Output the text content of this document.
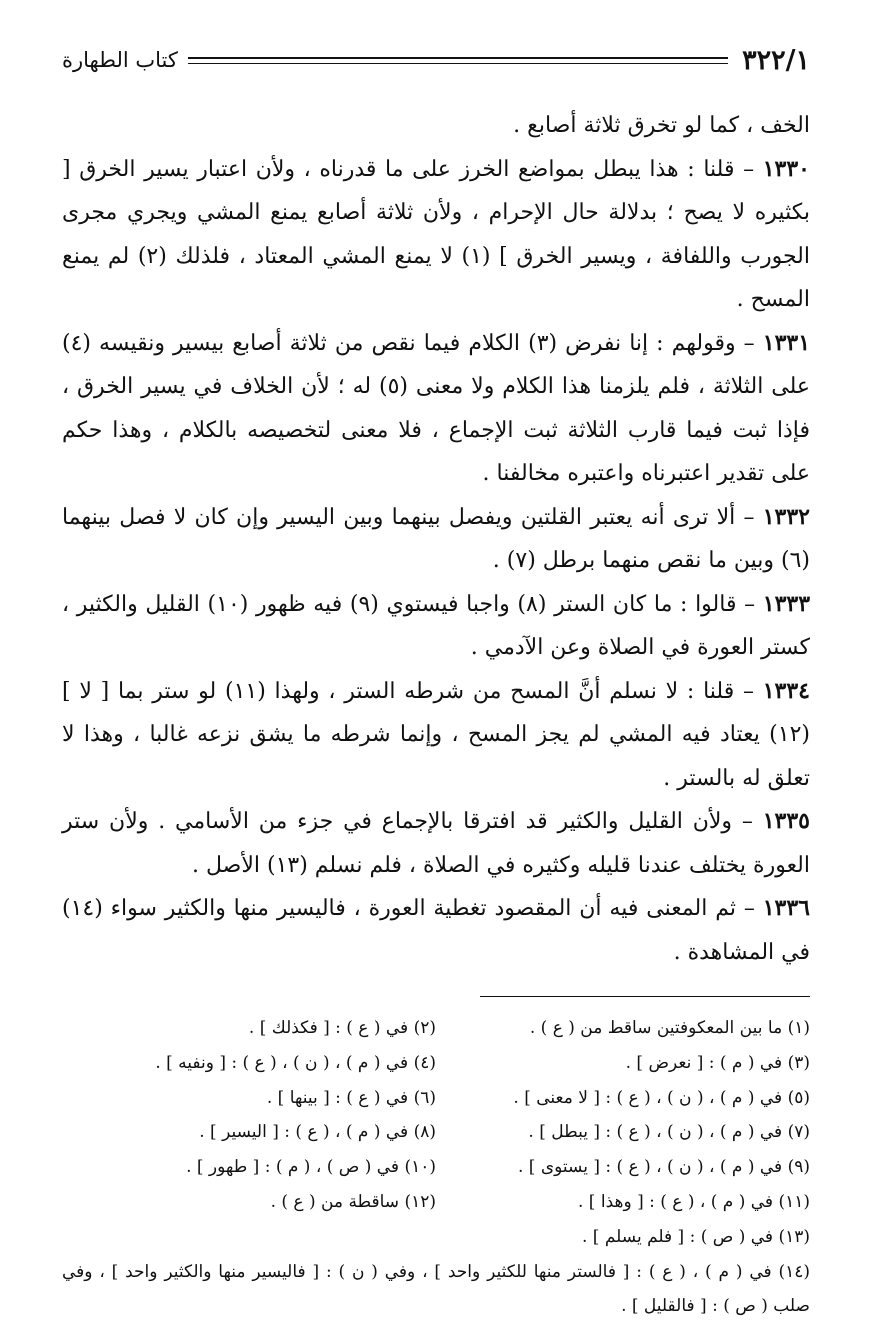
٣٢٢/١
كتاب الطهارة

الخف ، كما لو تخرق ثلاثة أصابع .

١٣٣٠ – قلنا : هذا يبطل بمواضع الخرز على ما قدرناه ، ولأن اعتبار يسير الخرق [ بكثيره لا يصح ؛ بدلالة حال الإحرام ، ولأن ثلاثة أصابع يمنع المشي ويجري مجرى الجورب واللفافة ، ويسير الخرق ] (١) لا يمنع المشي المعتاد ، فلذلك (٢) لم يمنع المسح .

١٣٣١ – وقولهم : إنا نفرض (٣) الكلام فيما نقص من ثلاثة أصابع بيسير ونقيسه (٤) على الثلاثة ، فلم يلزمنا هذا الكلام ولا معنى (٥) له ؛ لأن الخلاف في يسير الخرق ، فإذا ثبت فيما قارب الثلاثة ثبت الإجماع ، فلا معنى لتخصيصه بالكلام ، وهذا حكم على تقدير اعتبرناه واعتبره مخالفنا .

١٣٣٢ – ألا ترى أنه يعتبر القلتين ويفصل بينهما وبين اليسير وإن كان لا فصل بينهما (٦) وبين ما نقص منهما برطل (٧) .

١٣٣٣ – قالوا : ما كان الستر (٨) واجبا فيستوي (٩) فيه ظهور (١٠) القليل والكثير ، كستر العورة في الصلاة وعن الآدمي .

١٣٣٤ – قلنا : لا نسلم أنَّ المسح من شرطه الستر ، ولهذا (١١) لو ستر بما [ لا ] (١٢) يعتاد فيه المشي لم يجز المسح ، وإنما شرطه ما يشق نزعه غالبا ، وهذا لا تعلق له بالستر .

١٣٣٥ – ولأن القليل والكثير قد افترقا بالإجماع في جزء من الأسامي . ولأن ستر العورة يختلف عندنا قليله وكثيره في الصلاة ، فلم نسلم (١٣) الأصل .

١٣٣٦ – ثم المعنى فيه أن المقصود تغطية العورة ، فاليسير منها والكثير سواء (١٤) في المشاهدة .

(١) ما بين المعكوفتين ساقط من ( ع ) .
(٢) في ( ع ) : [ فكذلك ] .
(٣) في ( م ) : [ نعرض ] .
(٤) في ( م ) ، ( ن ) ، ( ع ) : [ ونفيه ] .
(٥) في ( م ) ، ( ن ) ، ( ع ) : [ لا معنى ] .
(٦) في ( ع ) : [ بينها ] .
(٧) في ( م ) ، ( ن ) ، ( ع ) : [ يبطل ] .
(٨) في ( م ) ، ( ع ) : [ اليسير ] .
(٩) في ( م ) ، ( ن ) ، ( ع ) : [ يستوى ] .
(١٠) في ( ص ) ، ( م ) : [ طهور ] .
(١١) في ( م ) ، ( ع ) : [ وهذا ] .
(١٢) ساقطة من ( ع ) .
(١٣) في ( ص ) : [ فلم يسلم ] .
(١٤) في ( م ) ، ( ع ) : [ فالستر منها للكثير واحد ] ، وفي ( ن ) : [ فاليسير منها والكثير واحد ] ، وفي صلب ( ص ) : [ فالقليل ] .
